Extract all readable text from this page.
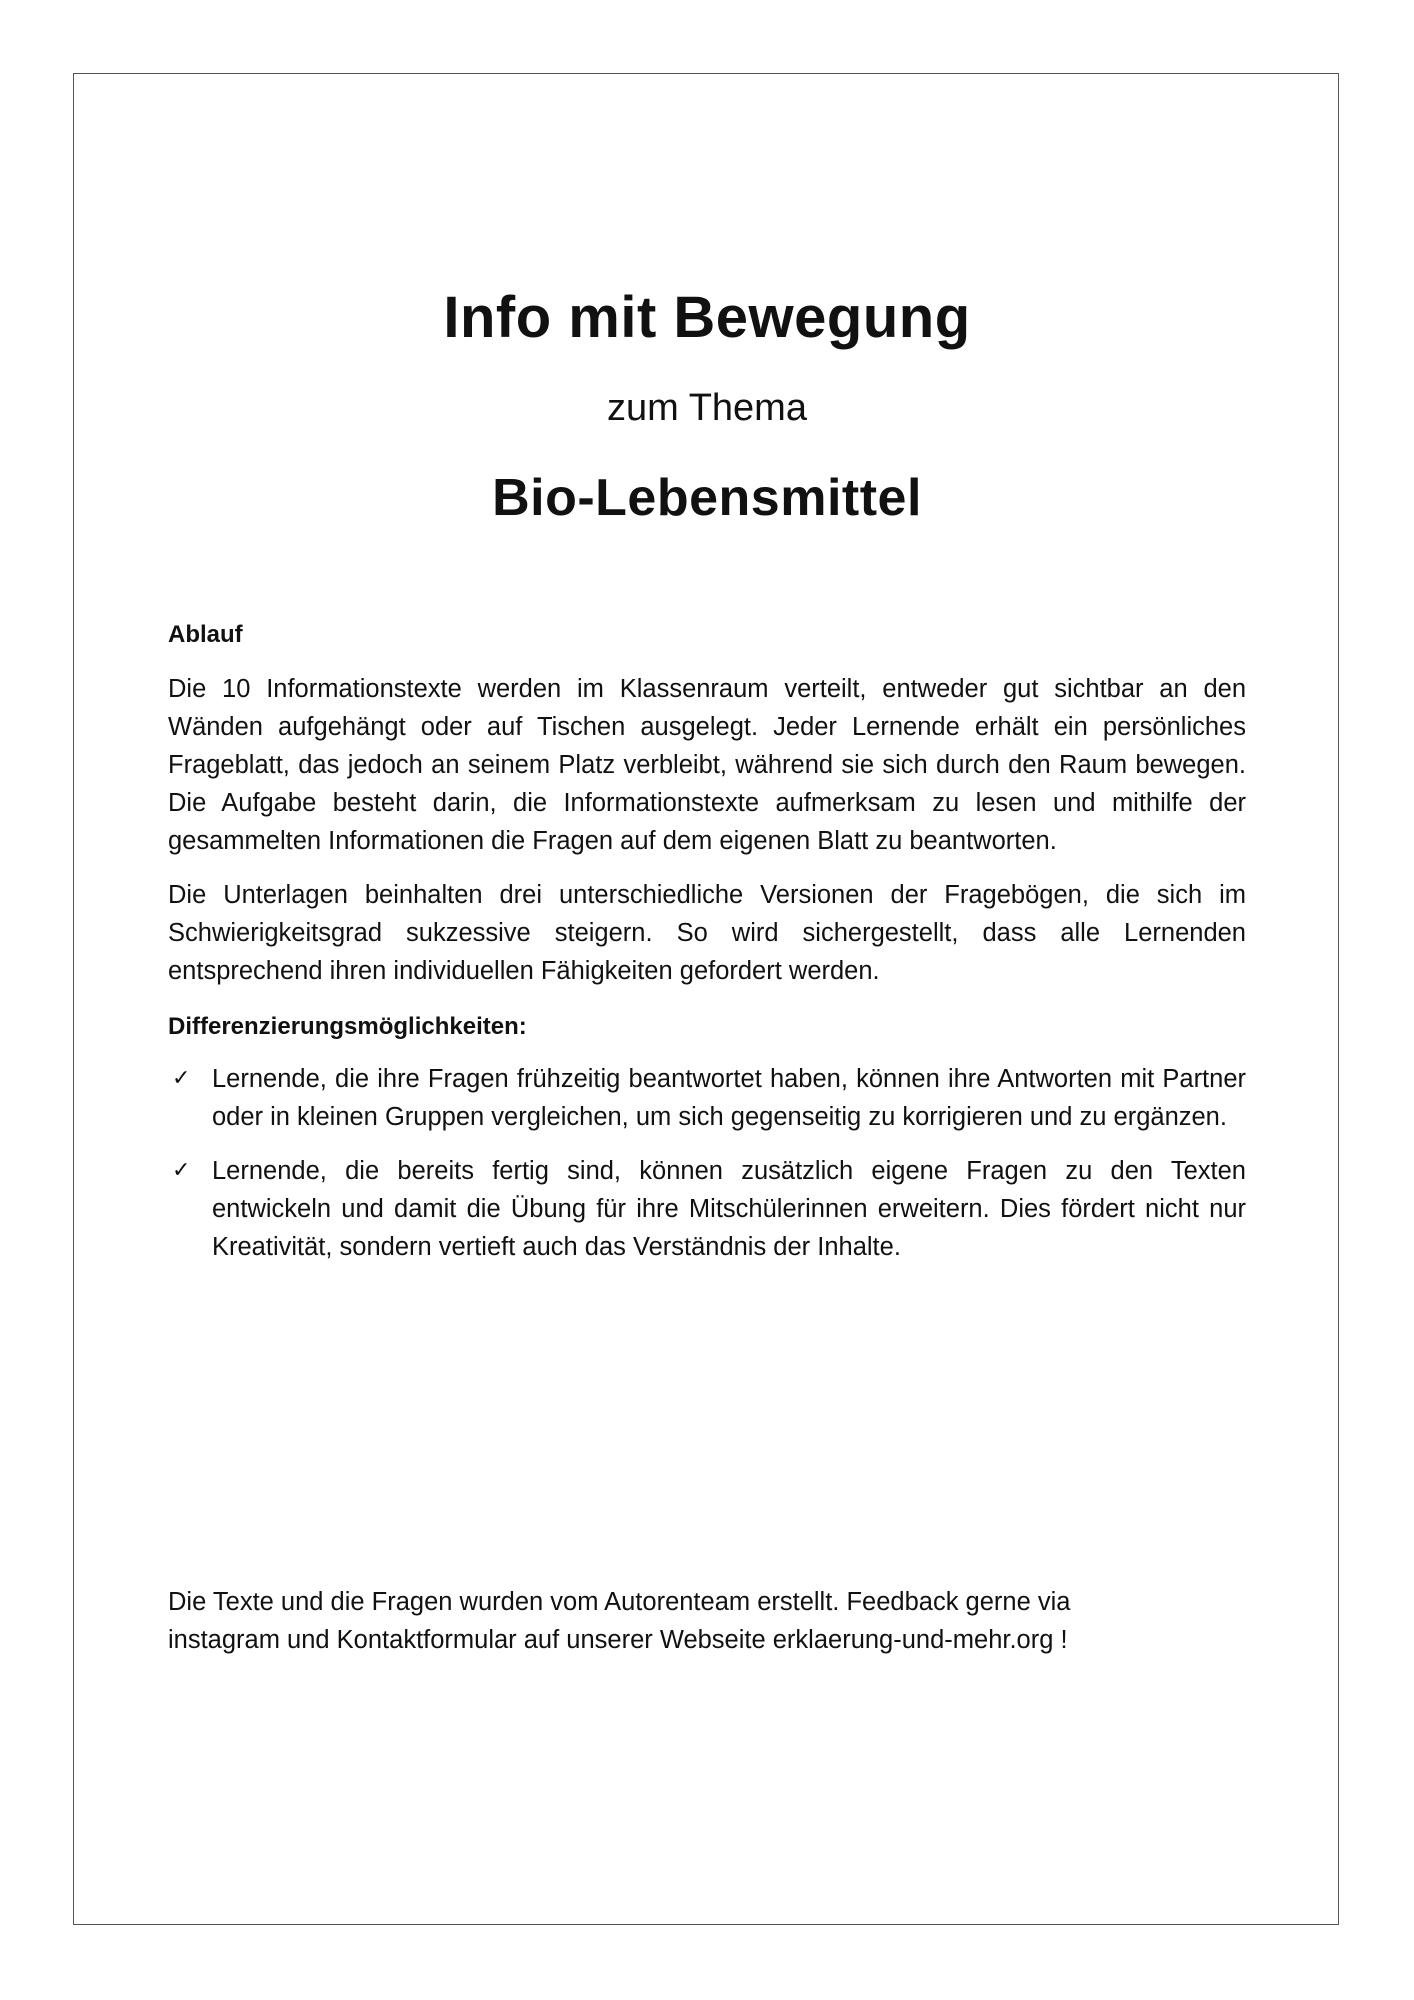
Info mit Bewegung
zum Thema
Bio-Lebensmittel
Ablauf

Die 10 Informationstexte werden im Klassenraum verteilt, entweder gut sichtbar an den Wänden aufgehängt oder auf Tischen ausgelegt. Jeder Lernende erhält ein persönliches Frageblatt, das jedoch an seinem Platz verbleibt, während sie sich durch den Raum bewegen. Die Aufgabe besteht darin, die Informationstexte aufmerksam zu lesen und mithilfe der gesammelten Informationen die Fragen auf dem eigenen Blatt zu beantworten.

Die Unterlagen beinhalten drei unterschiedliche Versionen der Fragebögen, die sich im Schwierigkeitsgrad sukzessive steigern. So wird sichergestellt, dass alle Lernenden entsprechend ihren individuellen Fähigkeiten gefordert werden.

Differenzierungsmöglichkeiten:
✓ Lernende, die ihre Fragen frühzeitig beantwortet haben, können ihre Antworten mit Partner oder in kleinen Gruppen vergleichen, um sich gegenseitig zu korrigieren und zu ergänzen.
✓ Lernende, die bereits fertig sind, können zusätzlich eigene Fragen zu den Texten entwickeln und damit die Übung für ihre Mitschülerinnen erweitern. Dies fördert nicht nur Kreativität, sondern vertieft auch das Verständnis der Inhalte.
Die Texte und die Fragen wurden vom Autorenteam erstellt. Feedback gerne via
instagram und Kontaktformular auf unserer Webseite erklaerung-und-mehr.org !
